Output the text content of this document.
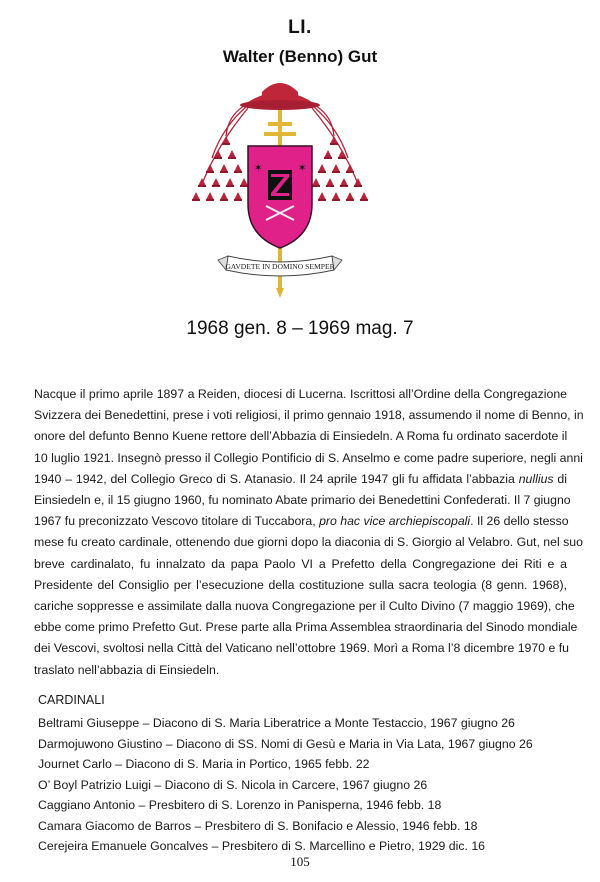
LI.
Walter (Benno) Gut
✶	✶
GAVDETE IN DOMINO SEMPER
1968 gen. 8 – 1969 mag. 7
Nacque il primo aprile 1897 a Reiden, diocesi di Lucerna. Iscrittosi all’Ordine della Congregazione
Svizzera dei Benedettini, prese i voti religiosi, il primo gennaio 1918, assumendo il nome di Benno, in
onore del defunto Benno Kuene rettore dell’Abbazia di Einsiedeln. A Roma fu ordinato sacerdote il
10 luglio 1921. Insegnò presso il Collegio Pontificio di S. Anselmo e come padre superiore, negli anni
1940 – 1942, del Collegio Greco di S. Atanasio. Il 24 aprile 1947 gli fu affidata l’abbazia nullius di
Einsiedeln e, il 15 giugno 1960, fu nominato Abate primario dei Benedettini Confederati. Il 7 giugno
1967 fu preconizzato Vescovo titolare di Tuccabora, pro hac vice archiepiscopali. Il 26 dello stesso
mese fu creato cardinale, ottenendo due giorni dopo la diaconia di S. Giorgio al Velabro. Gut, nel suo
breve cardinalato, fu innalzato da papa Paolo VI a Prefetto della Congregazione dei Riti e a
Presidente del Consiglio per l’esecuzione della costituzione sulla sacra teologia (8 genn. 1968),
cariche soppresse e assimilate dalla nuova Congregazione per il Culto Divino (7 maggio 1969), che
ebbe come primo Prefetto Gut. Prese parte alla Prima Assemblea straordinaria del Sinodo mondiale
dei Vescovi, svoltosi nella Città del Vaticano nell’ottobre 1969. Morì a Roma l’8 dicembre 1970 e fu
traslato nell’abbazia di Einsiedeln.
CARDINALI
Beltrami Giuseppe – Diacono di S. Maria Liberatrice a Monte Testaccio, 1967 giugno 26
Darmojuwono Giustino – Diacono di SS. Nomi di Gesù e Maria in Via Lata, 1967 giugno 26
Journet Carlo – Diacono di S. Maria in Portico, 1965 febb. 22
O’ Boyl Patrizio Luigi – Diacono di S. Nicola in Carcere, 1967 giugno 26
Caggiano Antonio – Presbitero di S. Lorenzo in Panisperna, 1946 febb. 18
Camara Giacomo de Barros – Presbitero di S. Bonifacio e Alessio, 1946 febb. 18
Cerejeira Emanuele Goncalves – Presbitero di S. Marcellino e Pietro, 1929 dic. 16
105
